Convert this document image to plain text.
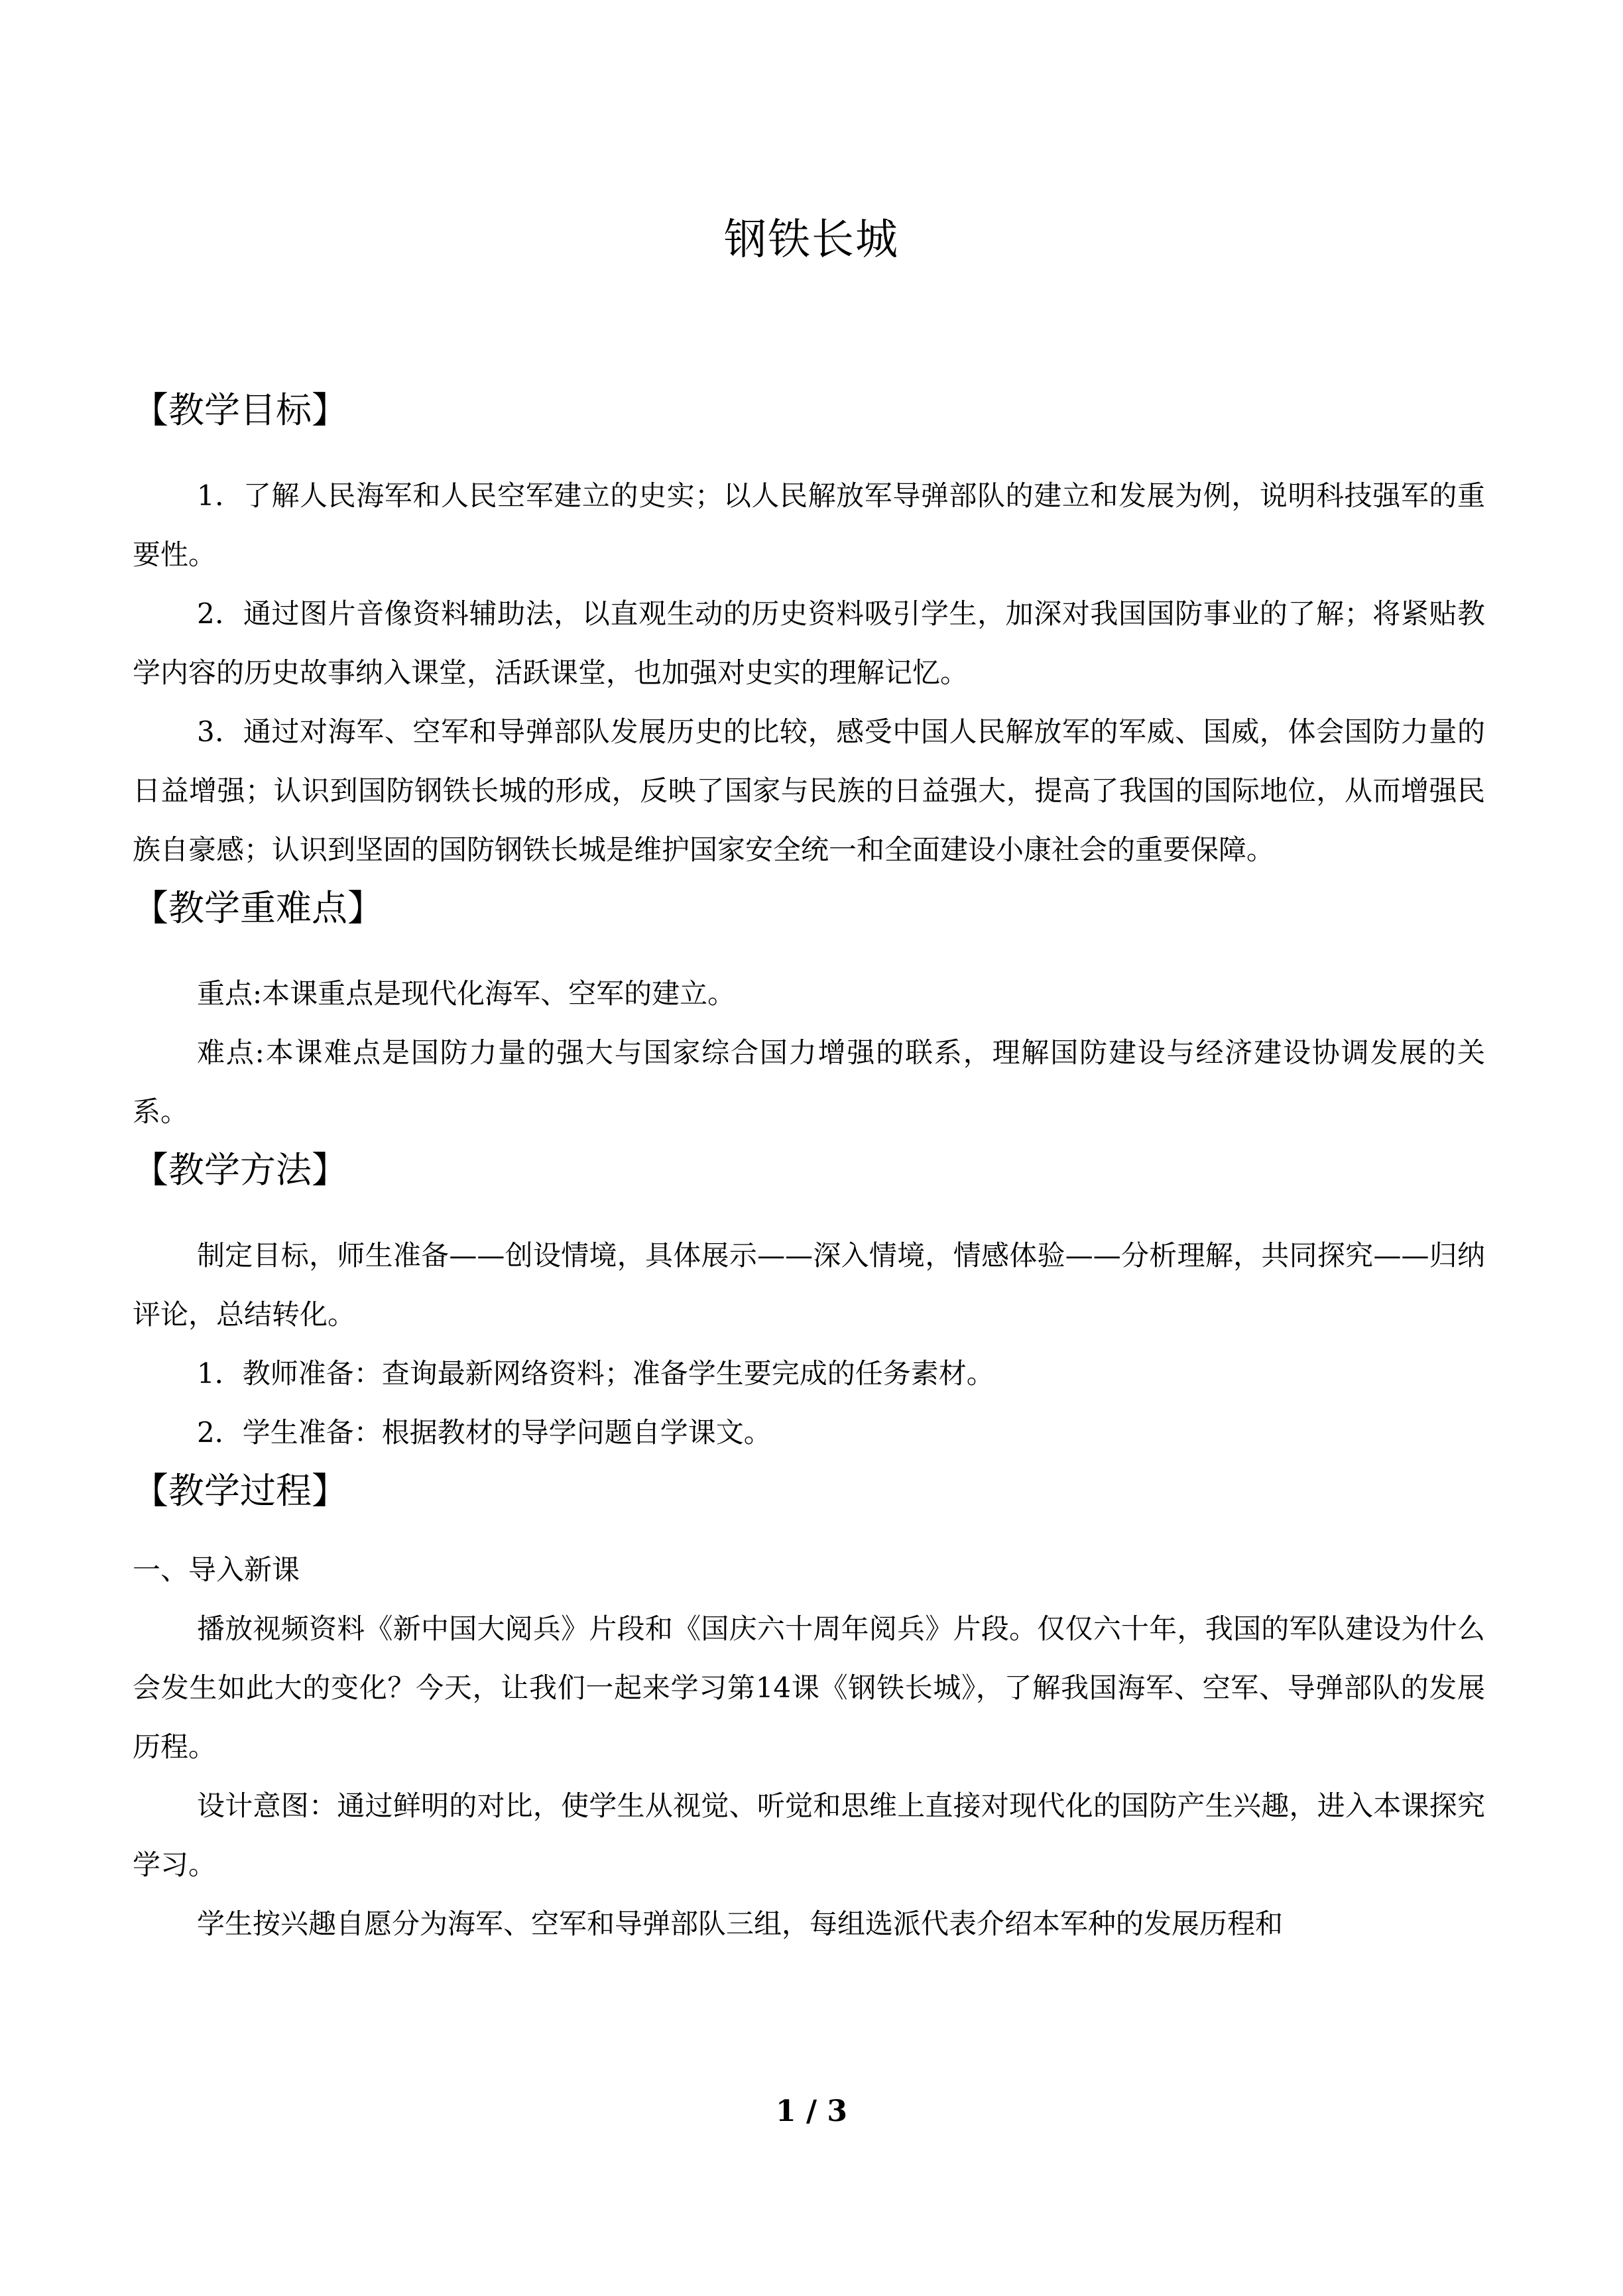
钢铁长城
【教学目标】

1．了解人民海军和人民空军建立的史实；以人民解放军导弹部队的建立和发展为例，说明科技强军的重要性。

2．通过图片音像资料辅助法，以直观生动的历史资料吸引学生，加深对我国国防事业的了解；将紧贴教学内容的历史故事纳入课堂，活跃课堂，也加强对史实的理解记忆。

3．通过对海军、空军和导弹部队发展历史的比较，感受中国人民解放军的军威、国威，体会国防力量的日益增强；认识到国防钢铁长城的形成，反映了国家与民族的日益强大，提高了我国的国际地位，从而增强民族自豪感；认识到坚固的国防钢铁长城是维护国家安全统一和全面建设小康社会的重要保障。

【教学重难点】

重点:本课重点是现代化海军、空军的建立。

难点:本课难点是国防力量的强大与国家综合国力增强的联系，理解国防建设与经济建设协调发展的关系。

【教学方法】

制定目标，师生准备——创设情境，具体展示——深入情境，情感体验——分析理解，共同探究——归纳评论，总结转化。

1．教师准备：查询最新网络资料；准备学生要完成的任务素材。

2．学生准备：根据教材的导学问题自学课文。

【教学过程】
一、导入新课

播放视频资料《新中国大阅兵》片段和《国庆六十周年阅兵》片段。仅仅六十年，我国的军队建设为什么会发生如此大的变化？今天，让我们一起来学习第14课《钢铁长城》，了解我国海军、空军、导弹部队的发展历程。

设计意图：通过鲜明的对比，使学生从视觉、听觉和思维上直接对现代化的国防产生兴趣，进入本课探究学习。

学生按兴趣自愿分为海军、空军和导弹部队三组，每组选派代表介绍本军种的发展历程和

1 / 3
